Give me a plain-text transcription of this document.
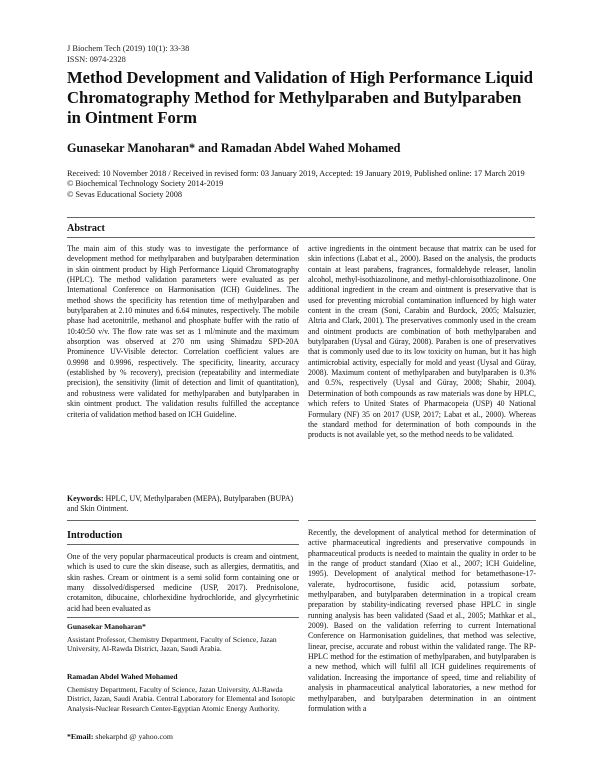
J Biochem Tech (2019) 10(1): 33-38
ISSN: 0974-2328
Method Development and Validation of High Performance Liquid Chromatography Method for Methylparaben and Butylparaben in Ointment Form
Gunasekar Manoharan* and Ramadan Abdel Wahed Mohamed
Received: 10 November 2018 / Received in revised form: 03 January 2019, Accepted: 19 January 2019, Published online: 17 March 2019
© Biochemical Technology Society 2014-2019
© Sevas Educational Society 2008
Abstract

The main aim of this study was to investigate the performance of development method for methylparaben and butylparaben determination in skin ointment product by High Performance Liquid Chromatography (HPLC). The method validation parameters were evaluated as per International Conference on Harmonisation (ICH) Guidelines. The method shows the specificity has retention time of methylparaben and butylparaben at 2.10 minutes and 6.64 minutes, respectively. The mobile phase had acetonitrile, methanol and phosphate buffer with the ratio of 10:40:50 v/v. The flow rate was set as 1 ml/minute and the maximum absorption was observed at 270 nm using Shimadzu SPD-20A Prominence UV-Visible detector. Correlation coefficient values are 0.9998 and 0.9996, respectively. The specificity, linearity, accuracy (established by % recovery), precision (repeatability and intermediate precision), the sensitivity (limit of detection and limit of quantitation), and robustness were validated for methylparaben and butylparaben in skin ointment product. The validation results fulfilled the acceptance criteria of validation method based on ICH Guideline.

Keywords: HPLC, UV, Methylparaben (MEPA), Butylparaben (BUPA) and Skin Ointment.
Introduction

One of the very popular pharmaceutical products is cream and ointment, which is used to cure the skin disease, such as allergies, dermatitis, and skin rashes. Cream or ointment is a semi solid form containing one or many dissolved/dispersed medicine (USP, 2017). Prednisolone, crotamiton, dibucaine, chlorhexidine hydrochloride, and glycyrrhetinic acid had been evaluated as

Gunasekar Manoharan*
Assistant Professor, Chemistry Department, Faculty of Science, Jazan University, Al-Rawda District, Jazan, Saudi Arabia.
Ramadan Abdel Wahed Mohamed
Chemistry Department, Faculty of Science, Jazan University, Al-Rawda District, Jazan, Saudi Arabia. Central Laboratory for Elemental and Isotopic Analysis-Nuclear Research Center-Egyptian Atomic Energy Authority.
*Email: shekarphd @ yahoo.com

active ingredients in the ointment because that matrix can be used for skin infections (Labat et al., 2000). Based on the analysis, the products contain at least parabens, fragrances, formaldehyde releaser, lanolin alcohol, methyl-isothiazolinone, and methyl-chloroisothiazolinone. One additional ingredient in the cream and ointment is preservative that is used for preventing microbial contamination influenced by high water content in the cream (Soni, Carabin and Burdock, 2005; Malsuzier, Altria and Clark, 2001). The preservatives commonly used in the cream and ointment products are combination of both methylparaben and butylparaben (Uysal and Güray, 2008). Paraben is one of preservatives that is commonly used due to its low toxicity on human, but it has high antimicrobial activity, especially for mold and yeast (Uysal and Güray, 2008). Maximum content of methylparaben and butylparaben is 0.3% and 0.5%, respectively (Uysal and Güray, 2008; Shabir, 2004). Determination of both compounds as raw materials was done by HPLC, which refers to United States of Pharmacopeia (USP) 40 National Formulary (NF) 35 on 2017 (USP, 2017; Labat et al., 2000). Whereas the standard method for determination of both compounds in the products is not available yet, so the method needs to be validated.

Recently, the development of analytical method for determination of active pharmaceutical ingredients and preservative compounds in pharmaceutical products is needed to maintain the quality in order to be in the range of product standard (Xiao et al., 2007; ICH Guideline, 1995). Development of analytical method for betamethasone-17-valerate, hydrocortisone, fusidic acid, potassium sorbate, methylparaben, and butylparaben determination in a tropical cream preparation by stability-indicating reversed phase HPLC in single running analysis has been validated (Saad et al., 2005; Mathkar et al., 2009). Based on the validation referring to current International Conference on Harmonisation guidelines, that method was selective, linear, precise, accurate and robust within the validated range. The RP-HPLC method for the estimation of methylparaben, and butylparaben is a new method, which will fulfil all ICH guidelines requirements of validation. Increasing the importance of speed, time and reliability of analysis in pharmaceutical analytical laboratories, a new method for methylparaben, and butylparaben determination in an ointment formulation with a
